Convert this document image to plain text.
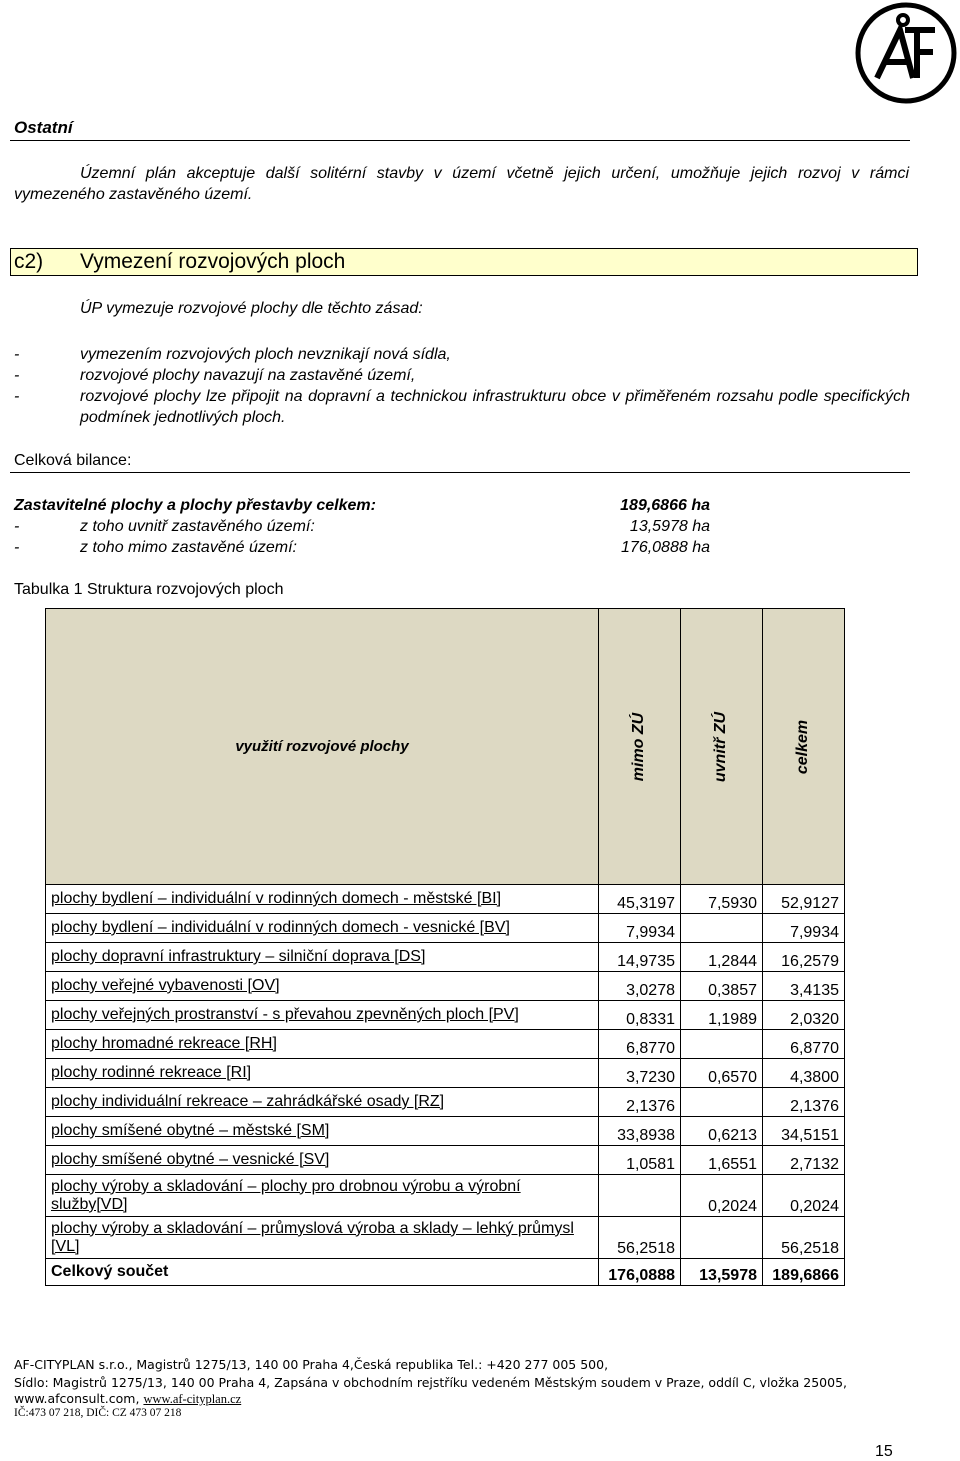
Ostatní
Územní plán akceptuje další solitérní stavby v území včetně jejich určení, umožňuje jejich rozvoj v rámci vymezeného zastavěného území.
c2) Vymezení rozvojových ploch
ÚP vymezuje rozvojové plochy dle těchto zásad:
-	vymezením rozvojových ploch nevznikají nová sídla,
-	rozvojové plochy navazují na zastavěné území,
-	rozvojové plochy lze připojit na dopravní a technickou infrastrukturu obce v přiměřeném rozsahu podle specifických podmínek jednotlivých ploch.
Celková bilance:
Zastavitelné plochy a plochy přestavby celkem:	189,6866 ha
-	z toho uvnitř zastavěného území:	13,5978 ha
-	z toho mimo zastavěné území:	176,0888 ha
Tabulka 1 Struktura rozvojových ploch
využití rozvojové plochy	mimo ZÚ	uvnitř ZÚ	celkem
plochy bydlení – individuální v rodinných domech - městské [BI]	45,3197	7,5930	52,9127
plochy bydlení – individuální v rodinných domech - vesnické [BV]	7,9934		7,9934
plochy dopravní infrastruktury – silniční doprava [DS]	14,9735	1,2844	16,2579
plochy veřejné vybavenosti [OV]	3,0278	0,3857	3,4135
plochy veřejných prostranství - s převahou zpevněných ploch [PV]	0,8331	1,1989	2,0320
plochy hromadné rekreace [RH]	6,8770		6,8770
plochy rodinné rekreace [RI]	3,7230	0,6570	4,3800
plochy individuální rekreace – zahrádkářské osady [RZ]	2,1376		2,1376
plochy smíšené obytné – městské [SM]	33,8938	0,6213	34,5151
plochy smíšené obytné – vesnické [SV]	1,0581	1,6551	2,7132
plochy výroby a skladování – plochy pro drobnou výrobu a výrobní služby[VD]		0,2024	0,2024
plochy výroby a skladování – průmyslová výroba a sklady – lehký průmysl [VL]	56,2518		56,2518
Celkový součet	176,0888	13,5978	189,6866
AF-CITYPLAN s.r.o., Magistrů 1275/13, 140 00 Praha 4,Česká republika Tel.: +420 277 005 500,
Sídlo: Magistrů 1275/13, 140 00 Praha 4, Zapsána v obchodním rejstříku vedeném Městským soudem v Praze, oddíl C, vložka 25005,
www.afconsult.com, www.af-cityplan.cz
IČ:473 07 218, DIČ: CZ 473 07 218
15
